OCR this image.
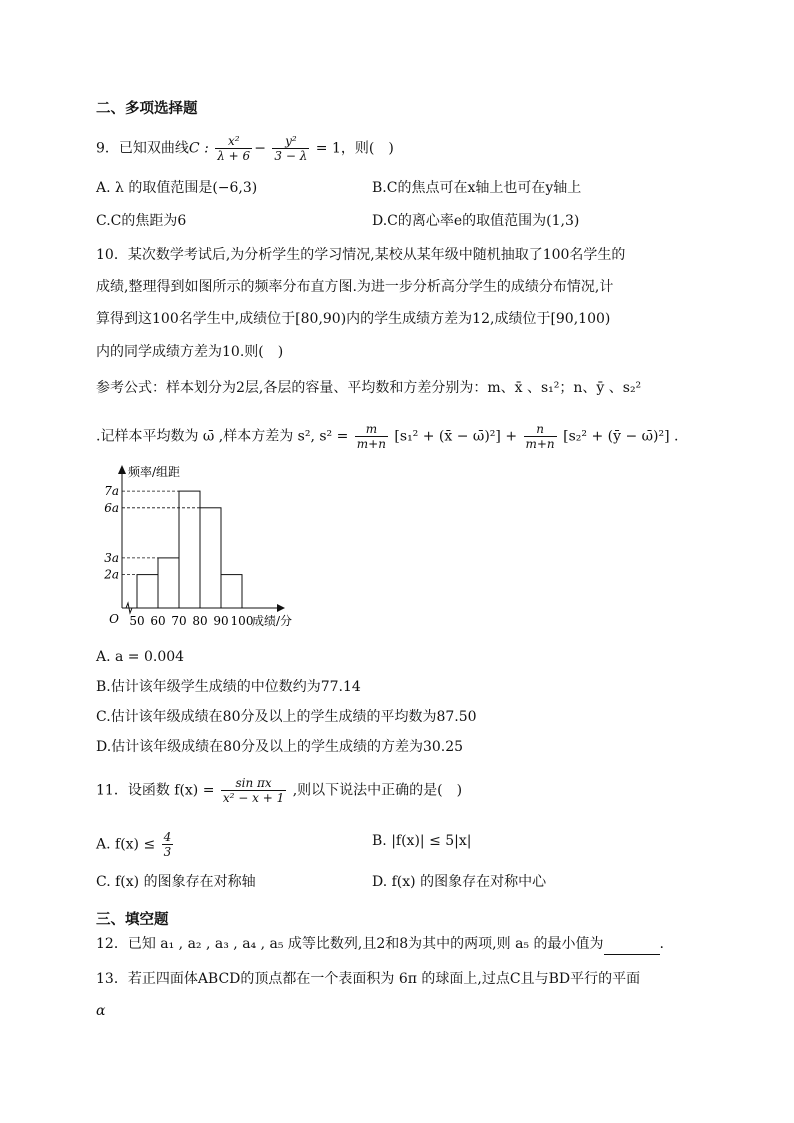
二、多项选择题
9．已知双曲线C : $\frac{\text{x²}}{\lambda + 6} - \frac{\text{y²}}{3 - \lambda} = 1$，则(　)
A. λ 的取值范围是(−6,3)	B.C的焦点可在x轴上也可在y轴上
C.C的焦距为6	D.C的离心率e的取值范围为(1,3)
10．某次数学考试后,为分析学生的学习情况,某校从某年级中随机抽取了100名学生的
成绩,整理得到如图所示的频率分布直方图.为进一步分析高分学生的成绩分布情况,计
算得到这100名学生中,成绩位于[80,90)内的学生成绩方差为12,成绩位于[90,100)
内的同学成绩方差为10.则(　)
参考公式：样本划分为2层,各层的容量、平均数和方差分别为：m、x̄ 、s₁²；n、ȳ 、s₂²
.记样本平均数为 ω̄ ,样本方差为 s², $s^2 = \frac{m}{m+n} [s_1^2$ + (x̄ − ω̄)²] + $\frac{n}{m+n} [s_2^2$ + (ȳ − ω̄)²] .
2a
3a
6a
7a
50 60 70 80 90 100
成绩/分
频率/组距
O
A. a = 0.004
B.估计该年级学生成绩的中位数约为77.14
C.估计该年级成绩在80分及以上的学生成绩的平均数为87.50
D.估计该年级成绩在80分及以上的学生成绩的方差为30.25
11．设函数 $f(x) = \frac{\text{sin πx}}{\text{x² − x + 1}}$ ,则以下说法中正确的是(　)
A. $f(x) \le \frac{4}{3}$	B. |f(x)| ≤ 5|x|
C. f(x) 的图象存在对称轴	D. f(x) 的图象存在对称中心
三、填空题
12．已知 a₁ , a₂ , a₃ , a₄ , a₅ 成等比数列,且2和8为其中的两项,则 a₅ 的最小值为	.
13．若正四面体ABCD的顶点都在一个表面积为 6π 的球面上,过点C且与BD平行的平面
α
